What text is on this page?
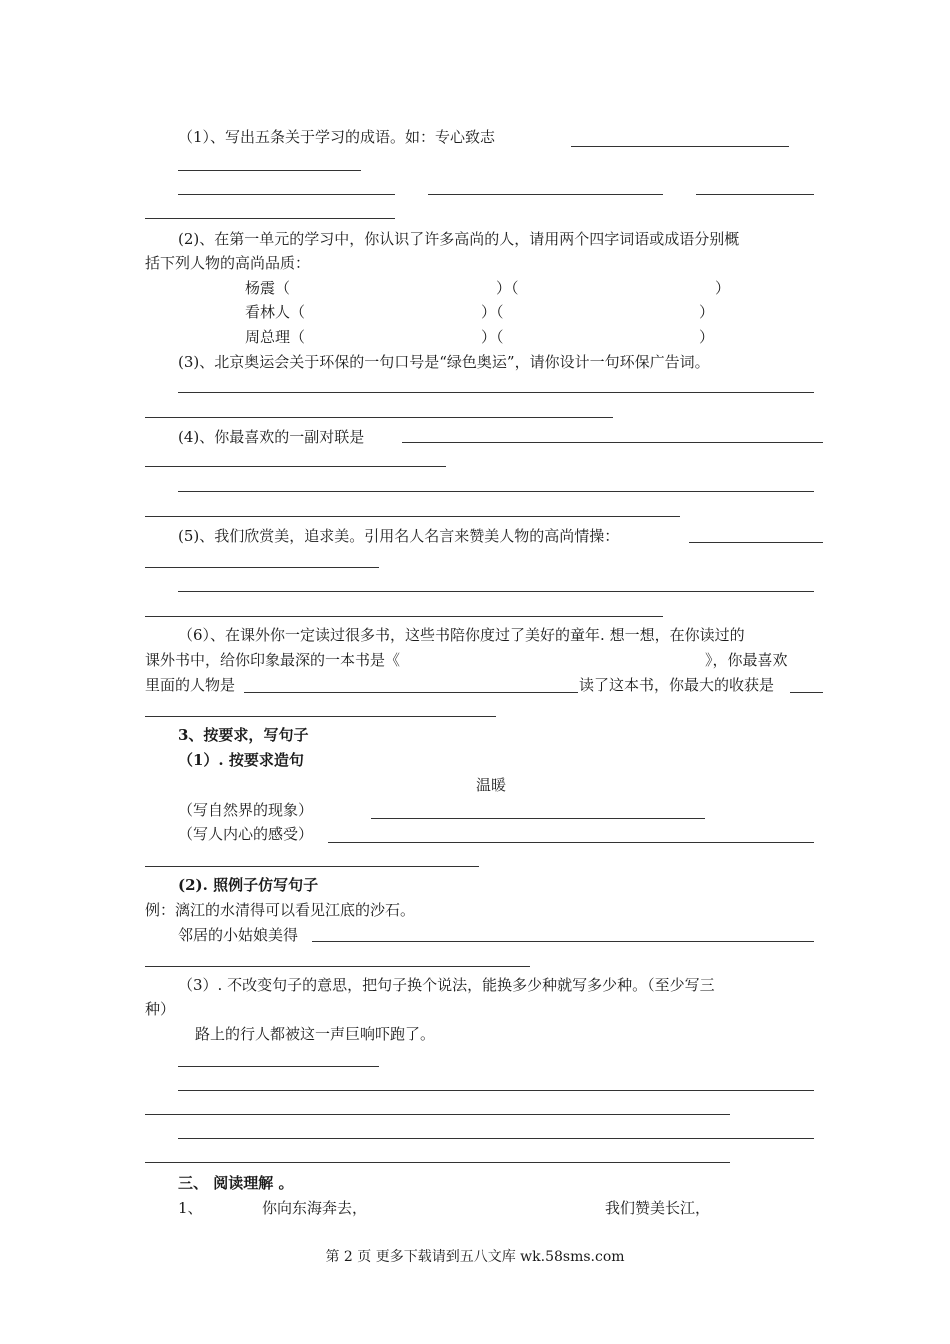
（1）、写出五条关于学习的成语。如：专心致志
(2)、在第一单元的学习中，你认识了许多高尚的人，请用两个四字词语或成语分别概
括下列人物的高尚品质：
杨震（	）（	）
看林人（	）（	）
周总理（	）（	）
(3)、北京奥运会关于环保的一句口号是“绿色奥运”，请你设计一句环保广告词。
(4)、你最喜欢的一副对联是
(5)、我们欣赏美，追求美。引用名人名言来赞美人物的高尚情操：
（6）、在课外你一定读过很多书，这些书陪你度过了美好的童年. 想一想，在你读过的
课外书中，给你印象最深的一本书是《	》，你最喜欢
里面的人物是	读了这本书，你最大的收获是
3、按要求，写句子
（1）. 按要求造句
温暖
（写自然界的现象）
（写人内心的感受）
(2). 照例子仿写句子
例：漓江的水清得可以看见江底的沙石。
邻居的小姑娘美得
（3）. 不改变句子的意思，把句子换个说法，能换多少种就写多少种。（至少写三
种）
路上的行人都被这一声巨响吓跑了。
三、 阅读理解 。
1、	你向东海奔去，	我们赞美长江，
第 2 页 更多下载请到五八文库 wk.58sms.com
